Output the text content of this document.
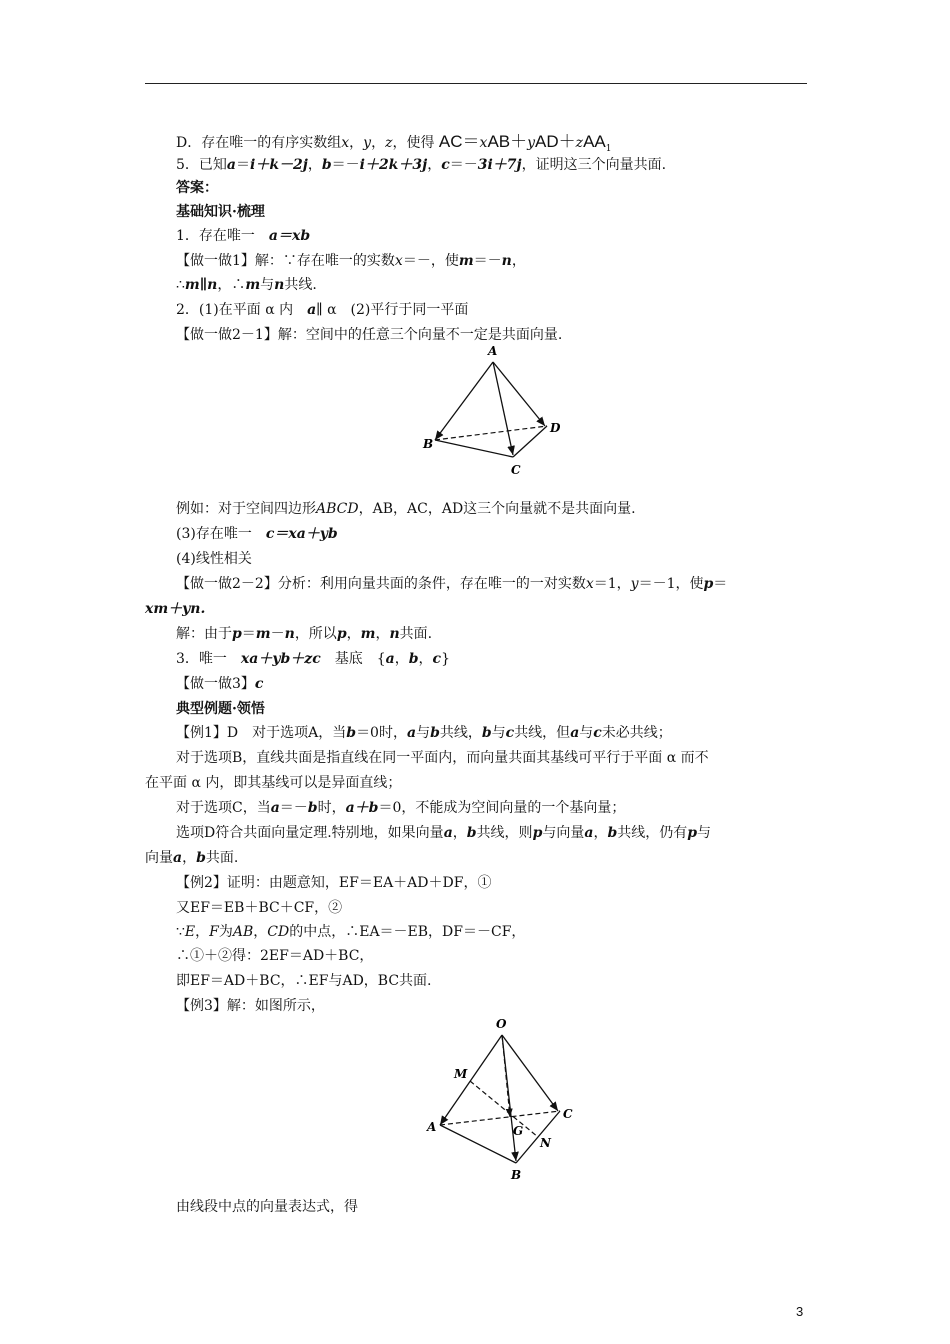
D．存在唯一的有序实数组x，y，z，使得 AC＝xAB＋yAD＋zAA$_1$
5．已知a＝i＋k－2j，b＝－i＋2k＋3j，c＝－3i＋7j，证明这三个向量共面.
答案：
基础知识·梳理
1．存在唯一　a＝xb
【做一做1】解：∵存在唯一的实数x＝－，使m＝－n，
∴m∥n，∴m与n共线.
2．(1)在平面 α 内　a∥ α　(2)平行于同一平面
【做一做2－1】解：空间中的任意三个向量不一定是共面向量.
A
B
C
D
例如：对于空间四边形ABCD，AB，AC，AD这三个向量就不是共面向量.
(3)存在唯一　c＝xa＋yb
(4)线性相关
【做一做2－2】分析：利用向量共面的条件，存在唯一的一对实数x＝1，y＝－1，使p＝
xm＋yn.
解：由于p＝m－n，所以p，m，n共面.
3．唯一　xa＋yb＋zc　基底　{a，b，c}
【做一做3】c
典型例题·领悟
【例1】D　对于选项A，当b＝0时，a与b共线，b与c共线，但a与c未必共线；
对于选项B，直线共面是指直线在同一平面内，而向量共面其基线可平行于平面 α 而不
在平面 α 内，即其基线可以是异面直线；
对于选项C，当a＝－b时，a＋b＝0，不能成为空间向量的一个基向量；
选项D符合共面向量定理.特别地，如果向量a，b共线，则p与向量a，b共线，仍有p与
向量a，b共面.
【例2】证明：由题意知，EF＝EA＋AD＋DF，①
又EF＝EB＋BC＋CF，②
∵E，F为AB，CD的中点，∴EA＝－EB，DF＝－CF，
∴①＋②得：2EF＝AD＋BC，
即EF＝AD＋BC，∴EF与AD，BC共面.
【例3】解：如图所示，
O
M
A	G
C
N
B
由线段中点的向量表达式，得
3
